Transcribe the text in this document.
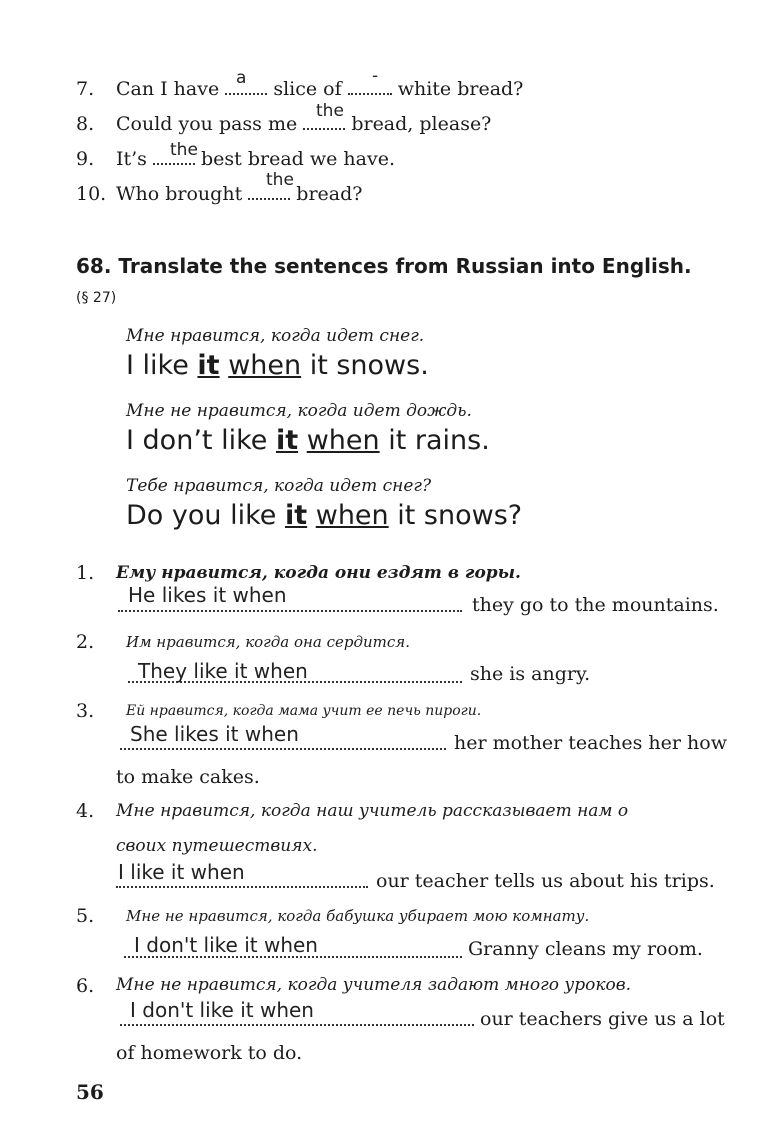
7. Can I have  slice of  white bread?
a	-
8. Could you pass me  bread, please?
the
9. It’s  best bread we have.
the
10. Who brought  bread?
the
68. Translate the sentences from Russian into English.
(§ 27)
Мне нравится, когда идет снег.
I like it when it snows.
Мне не нравится, когда идет дождь.
I don’t like it when it rains.
Тебе нравится, когда идет снег?
Do you like it when it snows?
1. Ему нравится, когда они ездят в горы.
He likes it when	they go to the mountains.
2. Им нравится, когда она сердится.
They like it when	she is angry.
3. Ей нравится, когда мама учит ее печь пироги.
She likes it when	her mother teaches her how
to make cakes.
4. Мне нравится, когда наш учитель рассказывает нам о
своих путешествиях.
I like it when	our teacher tells us about his trips.
5. Мне не нравится, когда бабушка убирает мою комнату.
I don't like it when	Granny cleans my room.
6. Мне не нравится, когда учителя задают много уроков.
I don't like it when	our teachers give us a lot
of homework to do.
56
